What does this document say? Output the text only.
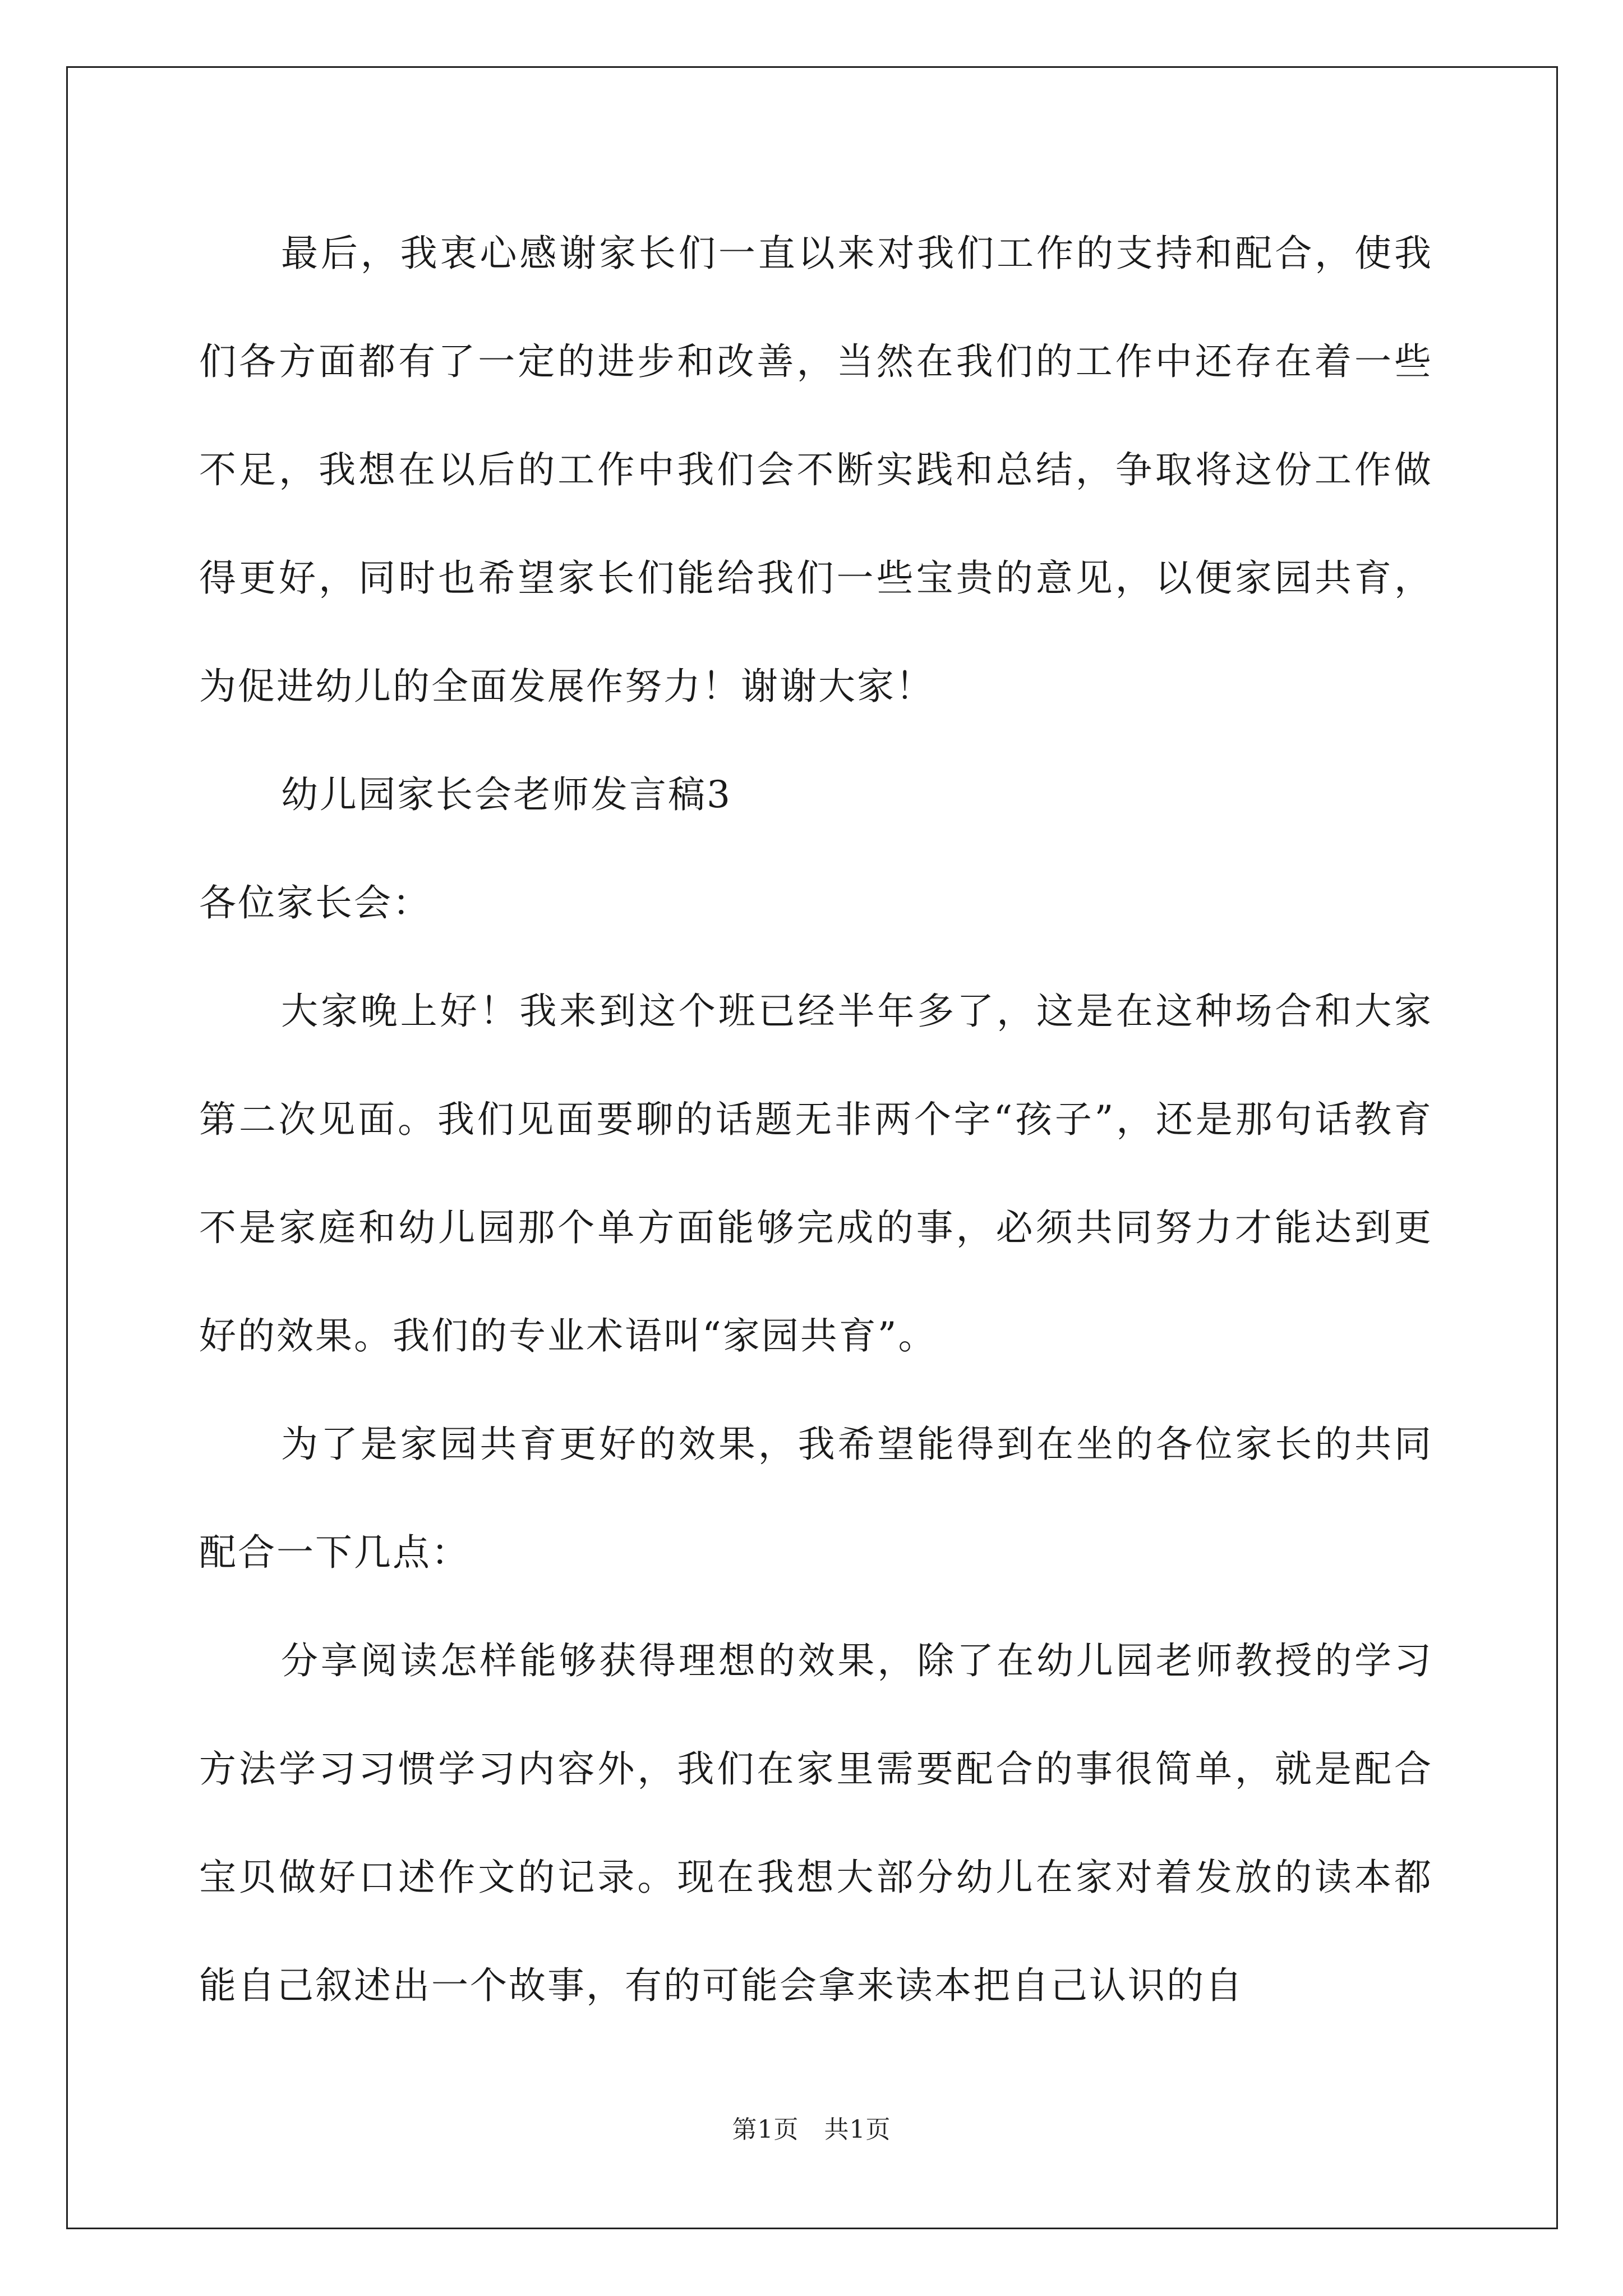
最后，我衷心感谢家长们一直以来对我们工作的支持和配合，使我们各方面都有了一定的进步和改善，当然在我们的工作中还存在着一些不足，我想在以后的工作中我们会不断实践和总结，争取将这份工作做得更好，同时也希望家长们能给我们一些宝贵的意见，以便家园共育，为促进幼儿的全面发展作努力！谢谢大家！

幼儿园家长会老师发言稿3

各位家长会：

大家晚上好！我来到这个班已经半年多了，这是在这种场合和大家第二次见面。我们见面要聊的话题无非两个字“孩子”，还是那句话教育不是家庭和幼儿园那个单方面能够完成的事，必须共同努力才能达到更好的效果。我们的专业术语叫“家园共育”。

为了是家园共育更好的效果，我希望能得到在坐的各位家长的共同配合一下几点：

分享阅读怎样能够获得理想的效果，除了在幼儿园老师教授的学习方法学习习惯学习内容外，我们在家里需要配合的事很简单，就是配合宝贝做好口述作文的记录。现在我想大部分幼儿在家对着发放的读本都能自己叙述出一个故事，有的可能会拿来读本把自己认识的自

第1页　共1页
